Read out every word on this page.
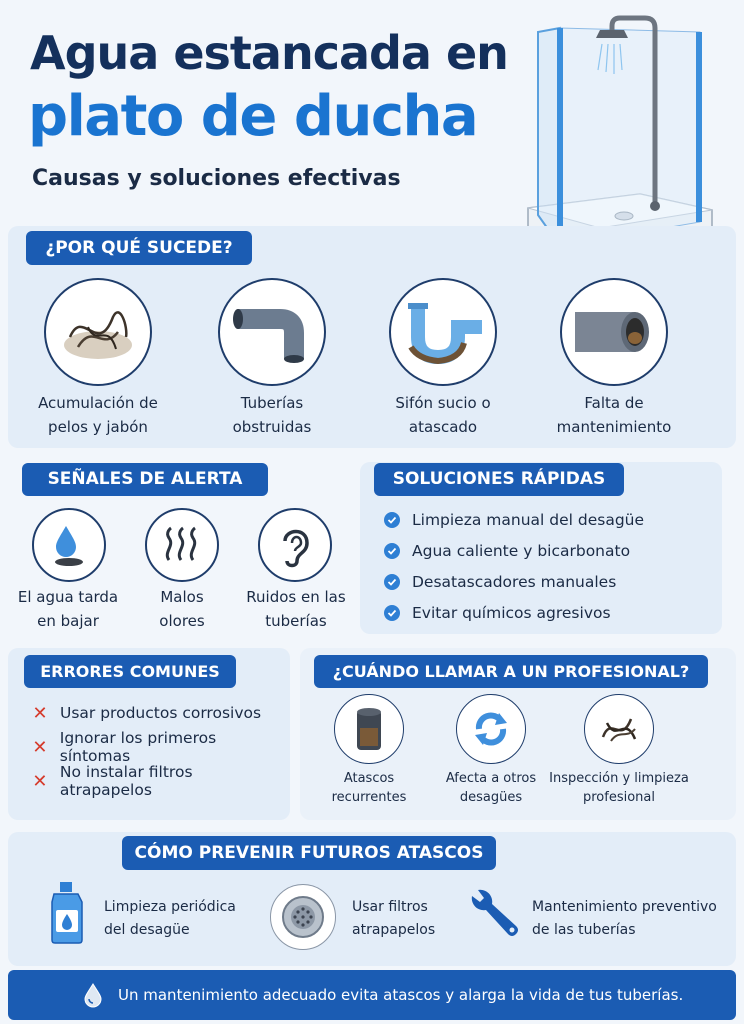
Agua estancada en
plato de ducha
Causas y soluciones efectivas
¿POR QUÉ SUCEDE?
Acumulación de
pelos y jabón
Tuberías
obstruidas
Sifón sucio o
atascado
Falta de
mantenimiento
SEÑALES DE ALERTA
El agua tarda
en bajar
Malos
olores
Ruidos en las
tuberías
SOLUCIONES RÁPIDAS
Limpieza manual del desagüe
Agua caliente y bicarbonato
Desatascadores manuales
Evitar químicos agresivos
ERRORES COMUNES
✕ Usar productos corrosivos
✕ Ignorar los primeros síntomas
✕ No instalar filtros atrapapelos
¿CUÁNDO LLAMAR A UN PROFESIONAL?
Atascos
recurrentes
Afecta a otros
desagües
Inspección y limpieza
profesional
CÓMO PREVENIR FUTUROS ATASCOS
Limpieza periódica
del desagüe
Usar filtros
atrapapelos
Mantenimiento preventivo
de las tuberías
Un mantenimiento adecuado evita atascos y alarga la vida de tus tuberías.
